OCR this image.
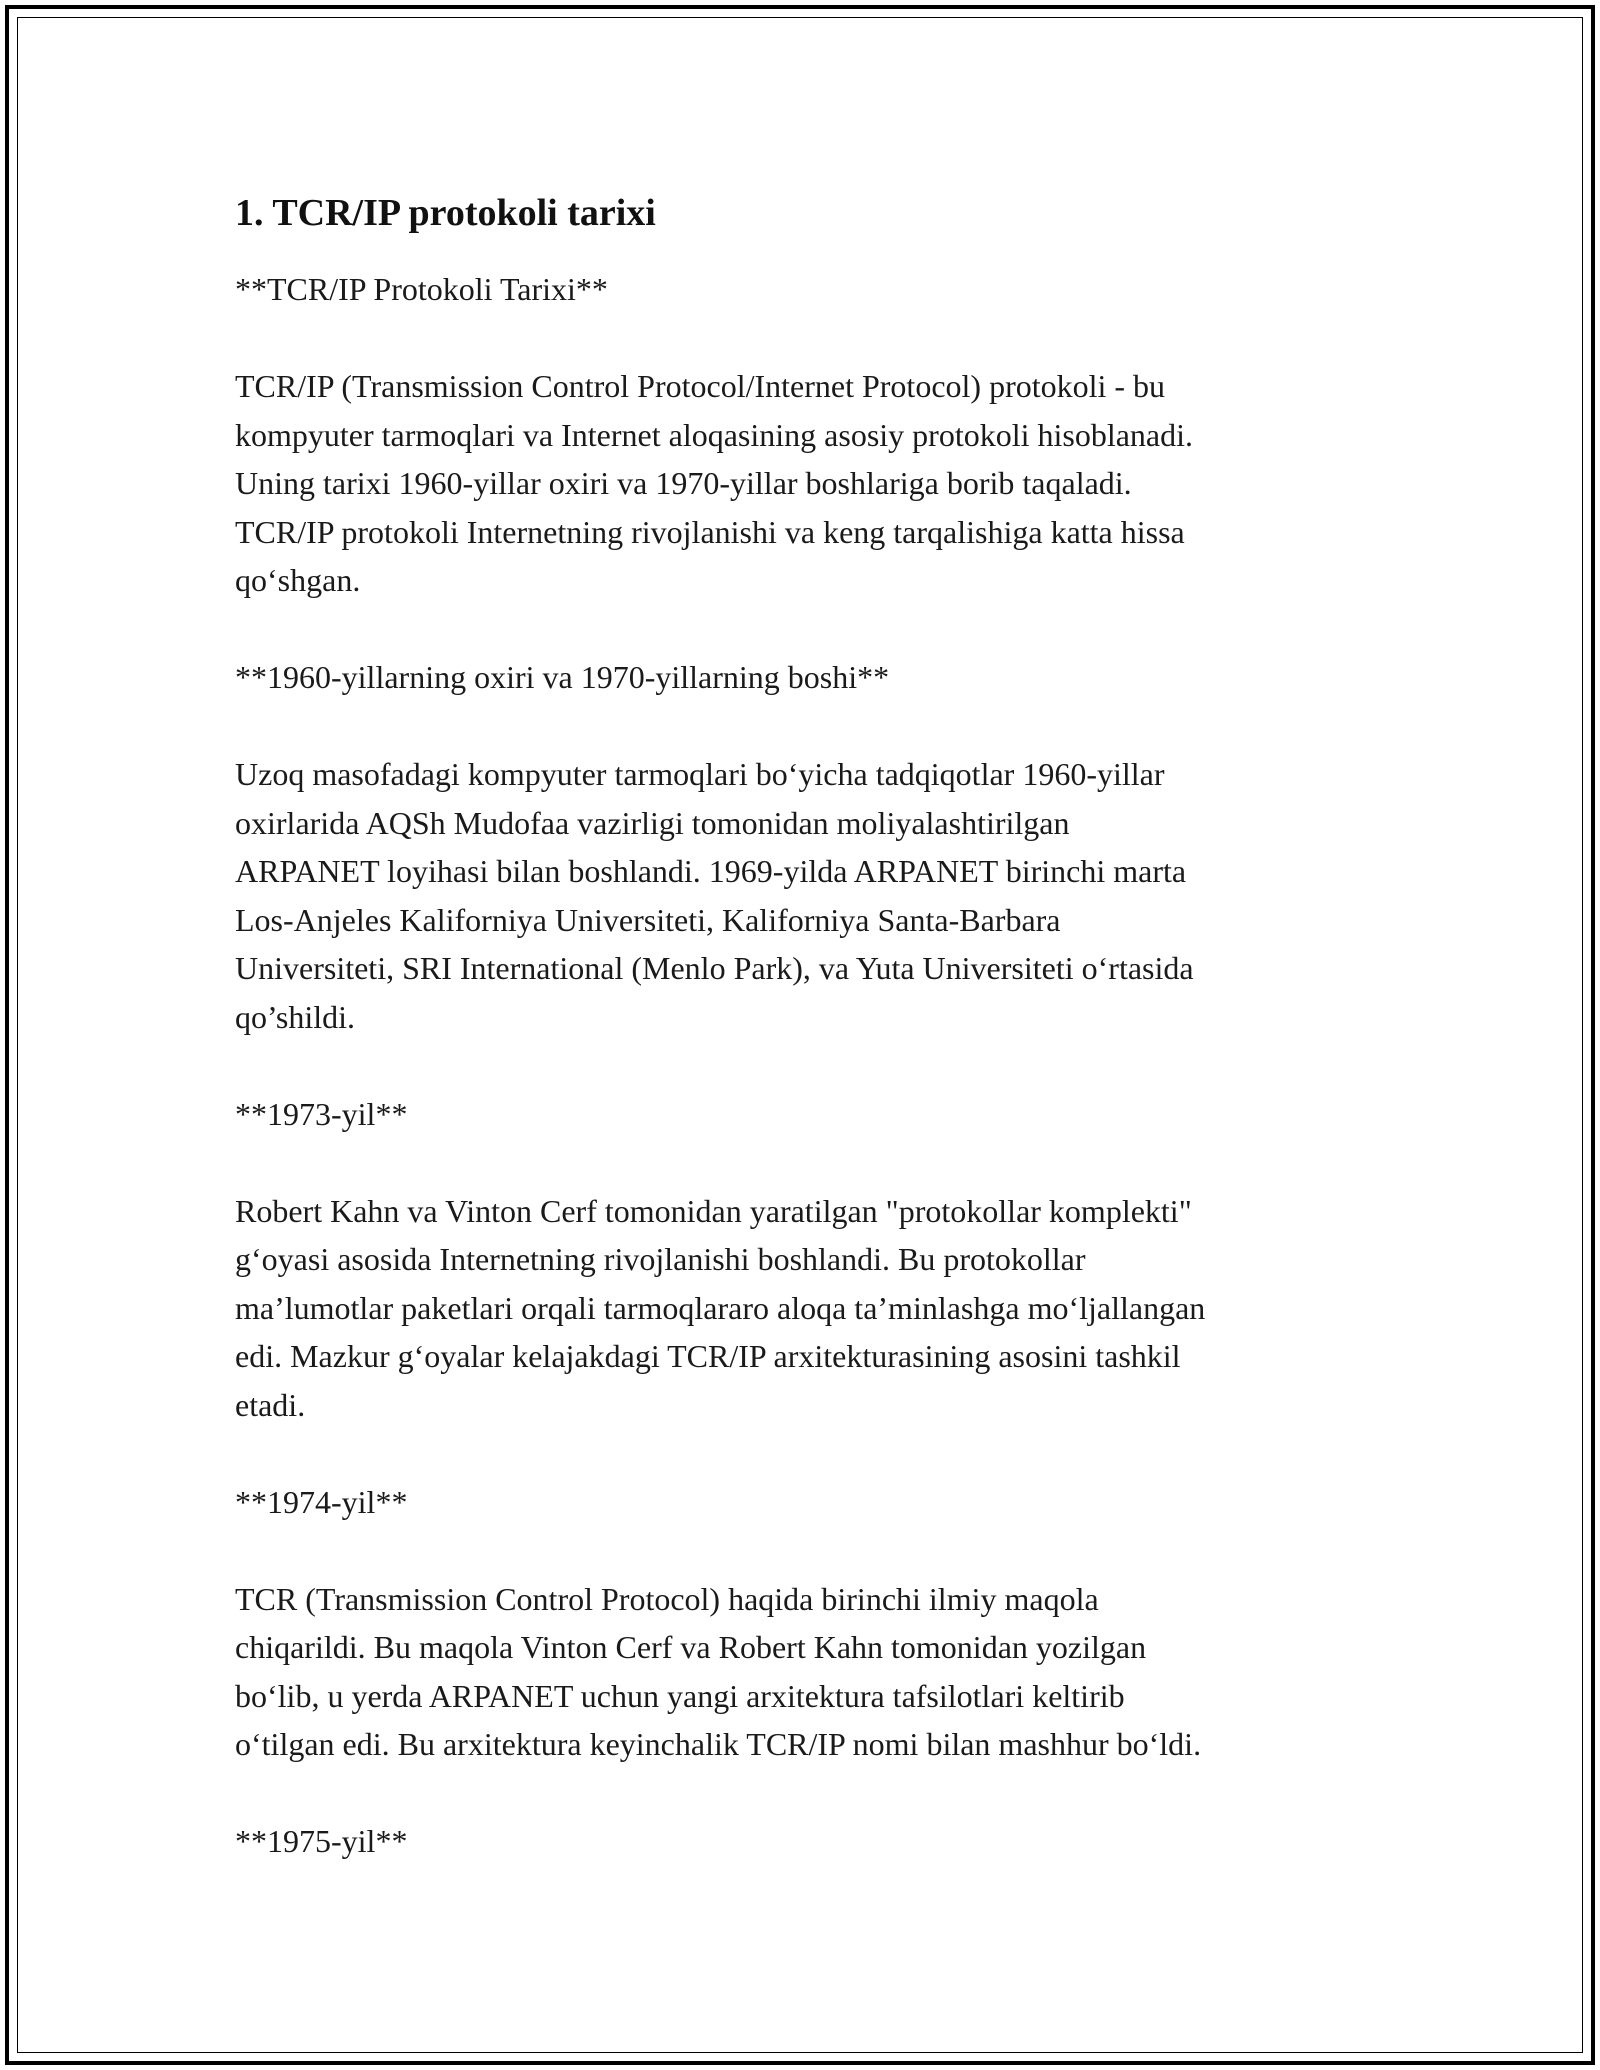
1. TCR/IP protokoli tarixi

**TCR/IP Protokoli Tarixi**

TCR/IP (Transmission Control Protocol/Internet Protocol) protokoli - bu
kompyuter tarmoqlari va Internet aloqasining asosiy protokoli hisoblanadi.
Uning tarixi 1960-yillar oxiri va 1970-yillar boshlariga borib taqaladi.
TCR/IP protokoli Internetning rivojlanishi va keng tarqalishiga katta hissa
qo‘shgan.

**1960-yillarning oxiri va 1970-yillarning boshi**

Uzoq masofadagi kompyuter tarmoqlari bo‘yicha tadqiqotlar 1960-yillar
oxirlarida AQSh Mudofaa vazirligi tomonidan moliyalashtirilgan
ARPANET loyihasi bilan boshlandi. 1969-yilda ARPANET birinchi marta
Los-Anjeles Kaliforniya Universiteti, Kaliforniya Santa-Barbara
Universiteti, SRI International (Menlo Park), va Yuta Universiteti o‘rtasida
qo’shildi.

**1973-yil**

Robert Kahn va Vinton Cerf tomonidan yaratilgan "protokollar komplekti"
g‘oyasi asosida Internetning rivojlanishi boshlandi. Bu protokollar
ma’lumotlar paketlari orqali tarmoqlararo aloqa ta’minlashga mo‘ljallangan
edi. Mazkur g‘oyalar kelajakdagi TCR/IP arxitekturasining asosini tashkil
etadi.

**1974-yil**

TCR (Transmission Control Protocol) haqida birinchi ilmiy maqola
chiqarildi. Bu maqola Vinton Cerf va Robert Kahn tomonidan yozilgan
bo‘lib, u yerda ARPANET uchun yangi arxitektura tafsilotlari keltirib
o‘tilgan edi. Bu arxitektura keyinchalik TCR/IP nomi bilan mashhur bo‘ldi.

**1975-yil**
